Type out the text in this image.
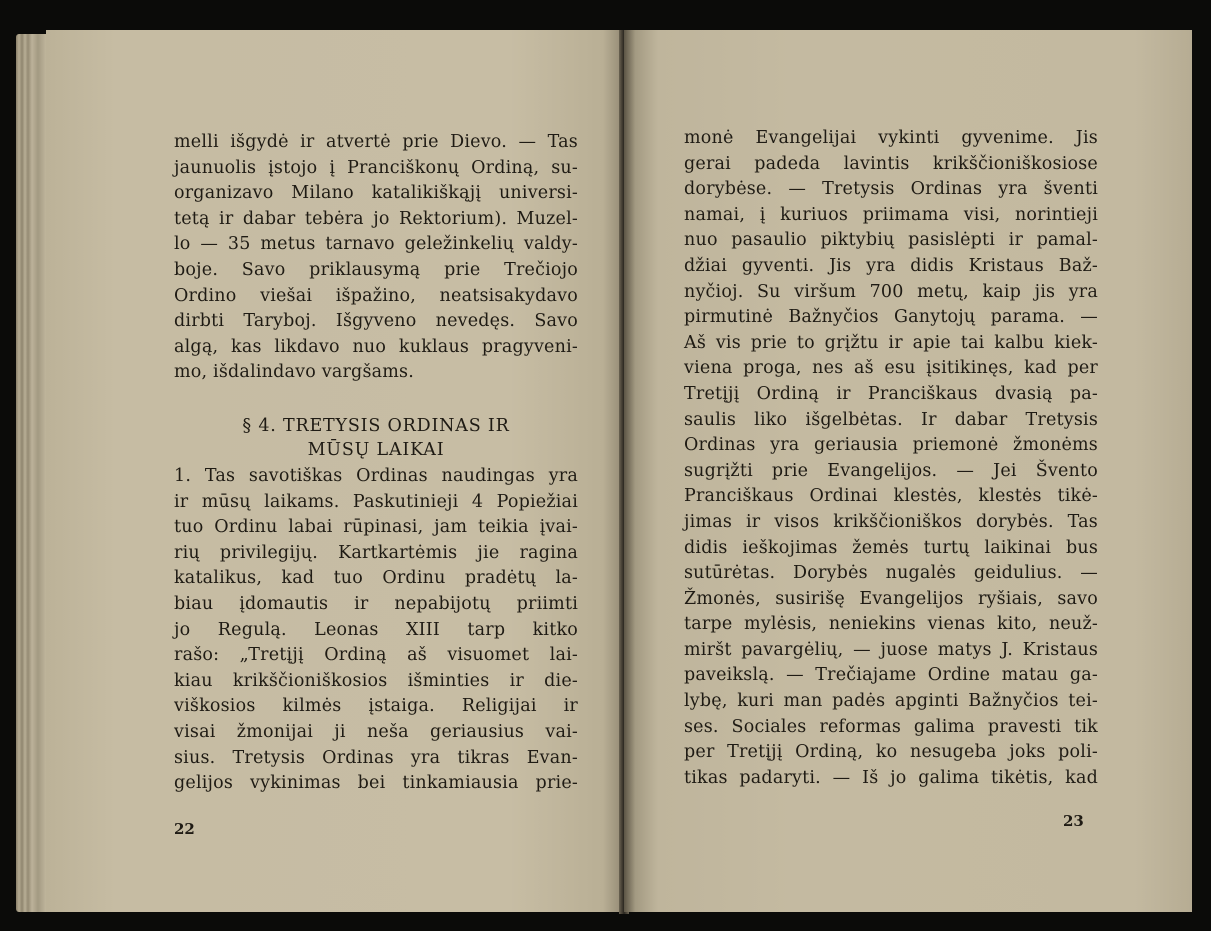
melli išgydė ir atvertė prie Dievo. — Tas
jaunuolis įstojo į Pranciškonų Ordiną, su-
organizavo Milano katalikiškąjį universi-
tetą ir dabar tebėra jo Rektorium). Muzel-
lo — 35 metus tarnavo geležinkelių valdy-
boje. Savo priklausymą prie Trečiojo
Ordino viešai išpažino, neatsisakydavo
dirbti Taryboj. Išgyveno nevedęs. Savo
algą, kas likdavo nuo kuklaus pragyveni-
mo, išdalindavo vargšams.
§ 4. TRETYSIS ORDINAS IR
MŪSŲ LAIKAI
1. Tas savotiškas Ordinas naudingas yra
ir mūsų laikams. Paskutinieji 4 Popiežiai
tuo Ordinu labai rūpinasi, jam teikia įvai-
rių privilegijų. Kartkartėmis jie ragina
katalikus, kad tuo Ordinu pradėtų la-
biau įdomautis ir nepabijotų priimti
jo Regulą. Leonas XIII tarp kitko
rašo: „Tretįjį Ordiną aš visuomet lai-
kiau krikščioniškosios išminties ir die-
viškosios kilmės įstaiga. Religijai ir
visai žmonijai ji neša geriausius vai-
sius. Tretysis Ordinas yra tikras Evan-
gelijos vykinimas bei tinkamiausia prie-
22
monė Evangelijai vykinti gyvenime. Jis
gerai padeda lavintis krikščioniškosiose
dorybėse. — Tretysis Ordinas yra šventi
namai, į kuriuos priimama visi, norintieji
nuo pasaulio piktybių pasislėpti ir pamal-
džiai gyventi. Jis yra didis Kristaus Baž-
nyčioj. Su viršum 700 metų, kaip jis yra
pirmutinė Bažnyčios Ganytojų parama. —
Aš vis prie to grįžtu ir apie tai kalbu kiek-
viena proga, nes aš esu įsitikinęs, kad per
Tretįjį Ordiną ir Pranciškaus dvasią pa-
saulis liko išgelbėtas. Ir dabar Tretysis
Ordinas yra geriausia priemonė žmonėms
sugrįžti prie Evangelijos. — Jei Švento
Pranciškaus Ordinai klestės, klestės tikė-
jimas ir visos krikščioniškos dorybės. Tas
didis ieškojimas žemės turtų laikinai bus
sutūrėtas. Dorybės nugalės geidulius. —
Žmonės, susirišę Evangelijos ryšiais, savo
tarpe mylėsis, neniekins vienas kito, neuž-
miršt pavargėlių, — juose matys J. Kristaus
paveikslą. — Trečiajame Ordine matau ga-
lybę, kuri man padės apginti Bažnyčios tei-
ses. Sociales reformas galima pravesti tik
per Tretįjį Ordiną, ko nesugeba joks poli-
tikas padaryti. — Iš jo galima tikėtis, kad
23
